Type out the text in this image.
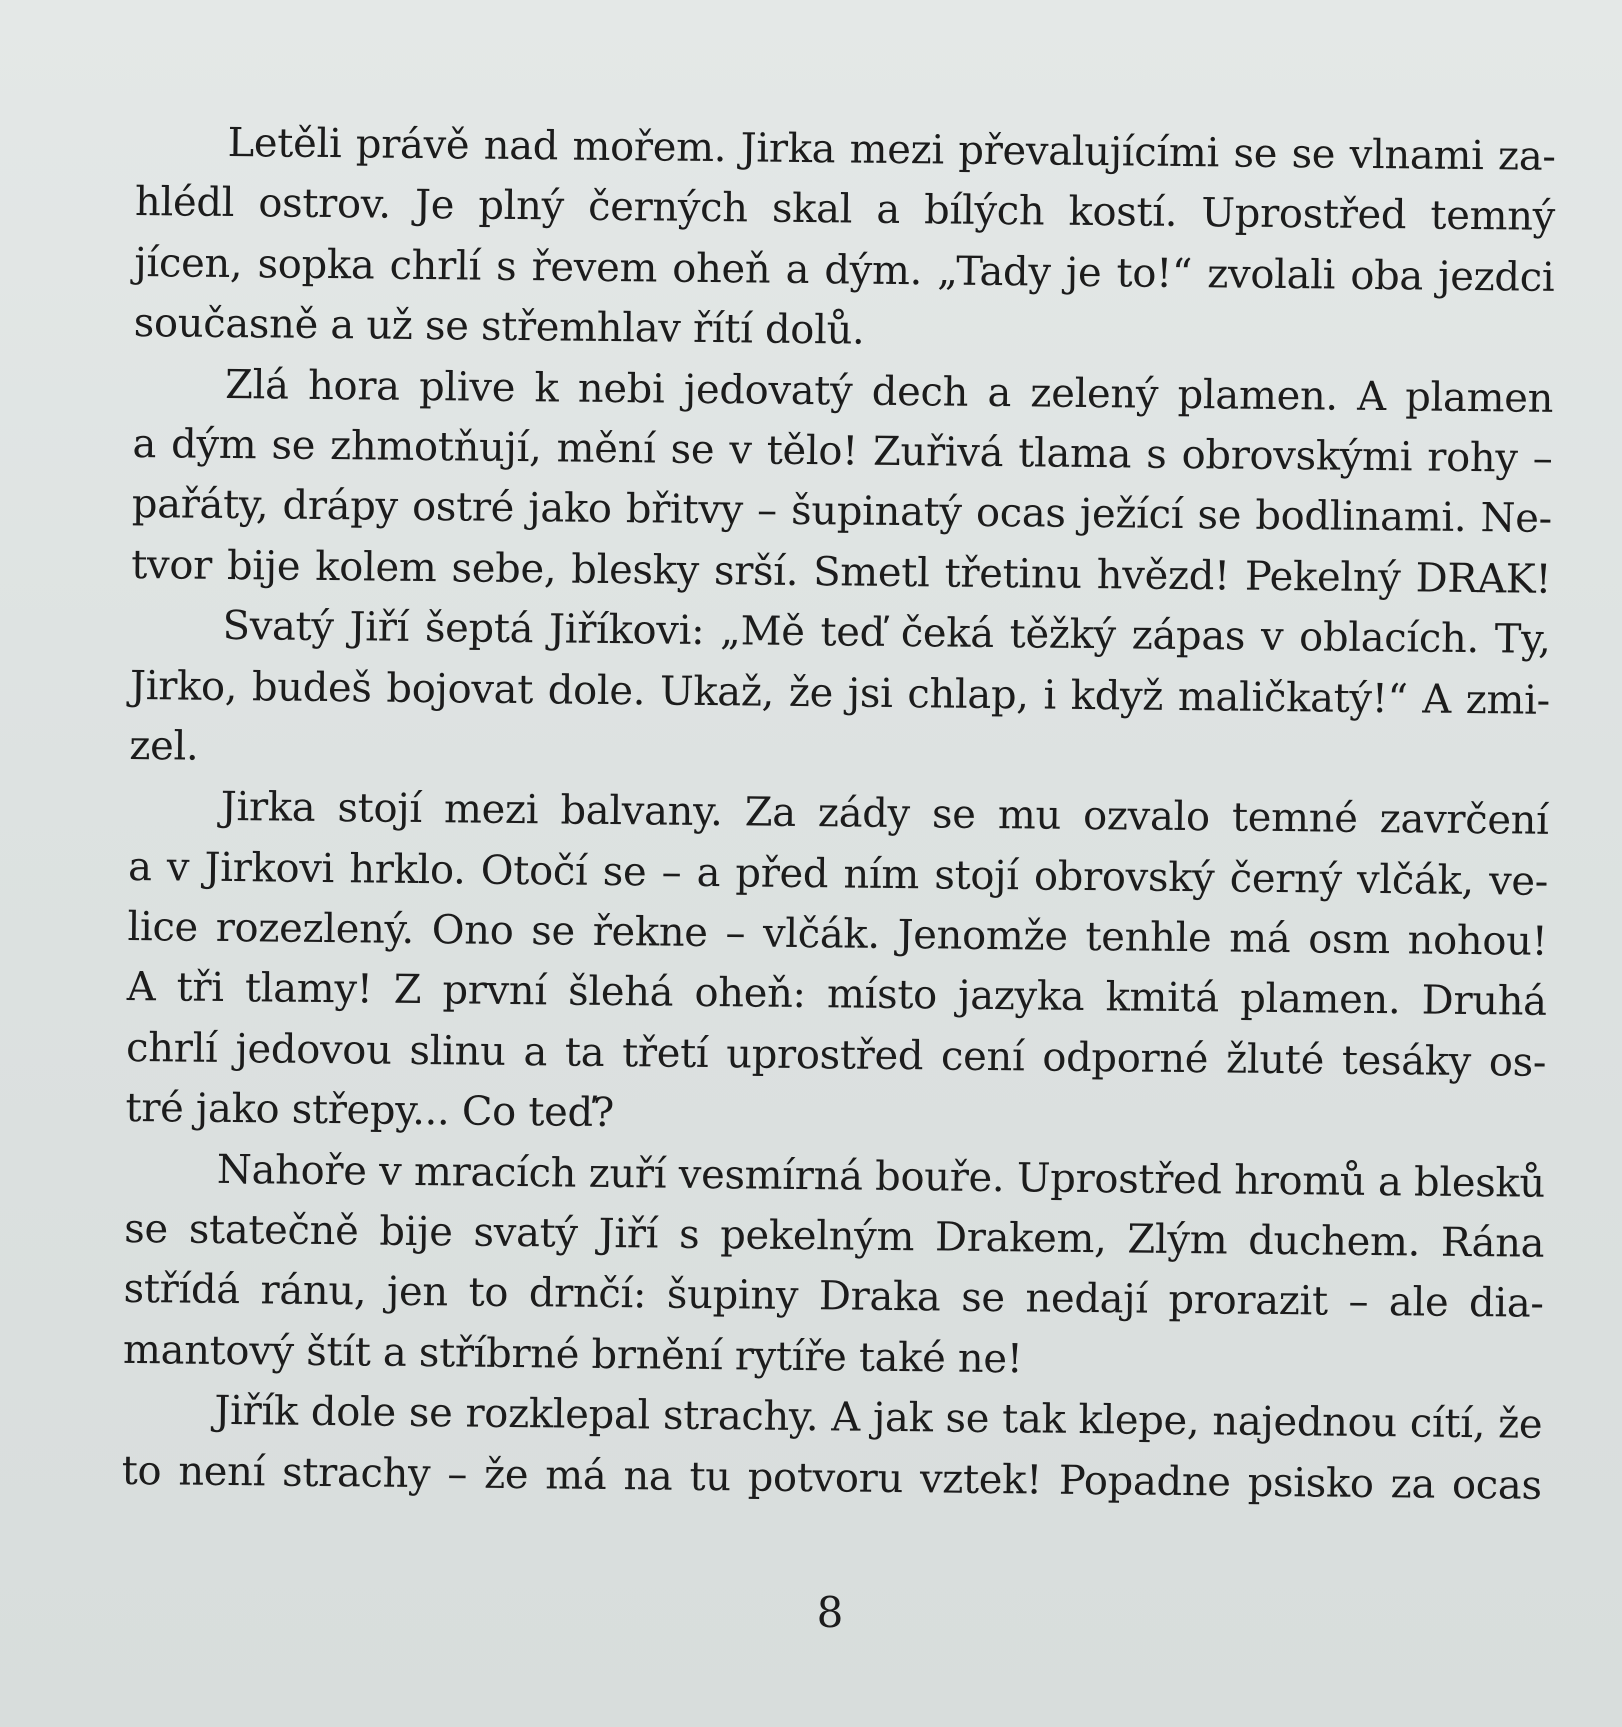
Letěli právě nad mořem. Jirka mezi převalujícími se se vlnami za-
hlédl ostrov. Je plný černých skal a bílých kostí. Uprostřed temný
jícen, sopka chrlí s řevem oheň a dým. „Tady je to!“ zvolali oba jezdci
současně a už se střemhlav řítí dolů.
Zlá hora plive k nebi jedovatý dech a zelený plamen. A plamen
a dým se zhmotňují, mění se v tělo! Zuřivá tlama s obrovskými rohy –
pařáty, drápy ostré jako břitvy – šupinatý ocas ježící se bodlinami. Ne-
tvor bije kolem sebe, blesky srší. Smetl třetinu hvězd! Pekelný DRAK!
Svatý Jiří šeptá Jiříkovi: „Mě teď čeká těžký zápas v oblacích. Ty,
Jirko, budeš bojovat dole. Ukaž, že jsi chlap, i když maličkatý!“ A zmi-
zel.
Jirka stojí mezi balvany. Za zády se mu ozvalo temné zavrčení
a v Jirkovi hrklo. Otočí se – a před ním stojí obrovský černý vlčák, ve-
lice rozezlený. Ono se řekne – vlčák. Jenomže tenhle má osm nohou!
A tři tlamy! Z první šlehá oheň: místo jazyka kmitá plamen. Druhá
chrlí jedovou slinu a ta třetí uprostřed cení odporné žluté tesáky os-
tré jako střepy... Co teď?
Nahoře v mracích zuří vesmírná bouře. Uprostřed hromů a blesků
se statečně bije svatý Jiří s pekelným Drakem, Zlým duchem. Rána
střídá ránu, jen to drnčí: šupiny Draka se nedají prorazit – ale dia-
mantový štít a stříbrné brnění rytíře také ne!
Jiřík dole se rozklepal strachy. A jak se tak klepe, najednou cítí, že
to není strachy – že má na tu potvoru vztek! Popadne psisko za ocas
8
